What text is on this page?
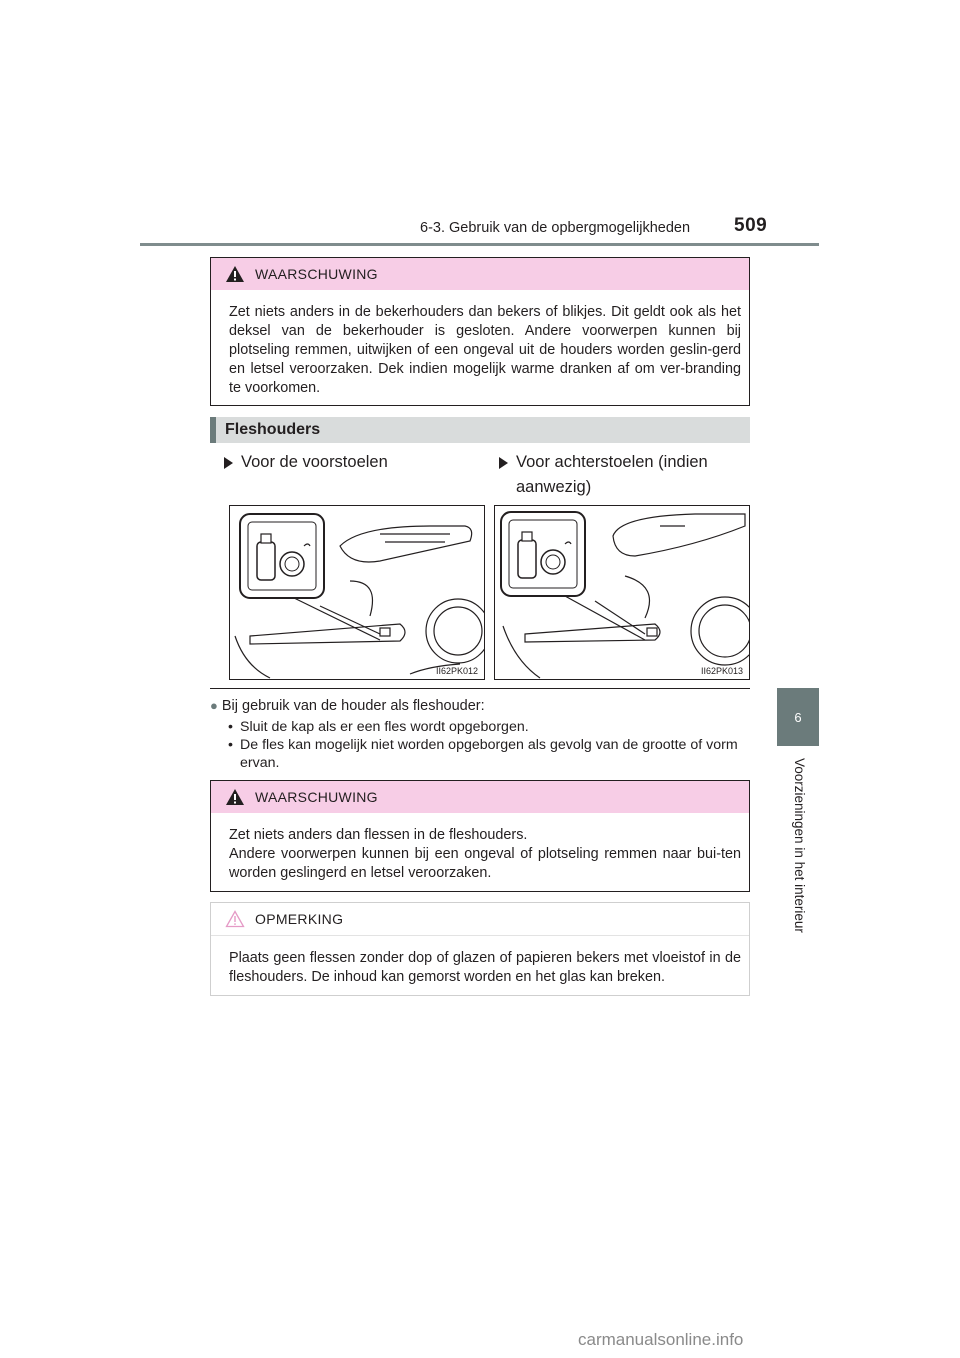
6-3. Gebruik van de opbergmogelijkheden 509
6
Voorzieningen in het interieur
WAARSCHUWING
Zet niets anders in de bekerhouders dan bekers of blikjes. Dit geldt ook als het deksel van de bekerhouder is gesloten. Andere voorwerpen kunnen bij plotseling remmen, uitwijken of een ongeval uit de houders worden geslin-gerd en letsel veroorzaken. Dek indien mogelijk warme dranken af om ver-branding te voorkomen.
Fleshouders
Voor de voorstoelen	Voor achterstoelen (indien
aanwezig)
II62PK012	II62PK013
● Bij gebruik van de houder als fleshouder:
• Sluit de kap als er een fles wordt opgeborgen.
• De fles kan mogelijk niet worden opgeborgen als gevolg van de grootte of vorm ervan.
WAARSCHUWING
Zet niets anders dan flessen in de fleshouders.
Andere voorwerpen kunnen bij een ongeval of plotseling remmen naar bui-ten worden geslingerd en letsel veroorzaken.
OPMERKING
Plaats geen flessen zonder dop of glazen of papieren bekers met vloeistof in de fleshouders. De inhoud kan gemorst worden en het glas kan breken.
carmanualsonline.info
